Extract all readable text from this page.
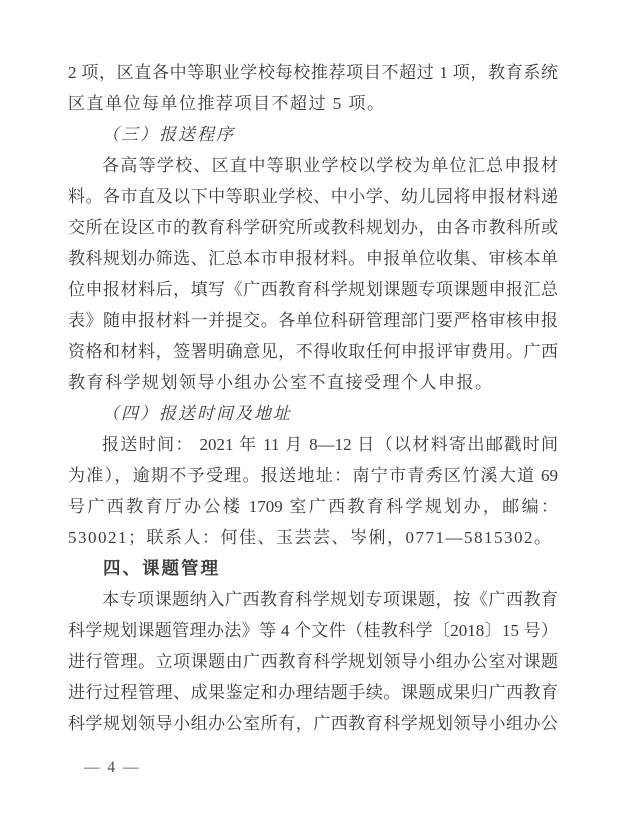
2 项，区直各中等职业学校每校推荐项目不超过 1 项，教育系统
区直单位每单位推荐项目不超过 5 项。
（三）报送程序
各高等学校、区直中等职业学校以学校为单位汇总申报材
料。各市直及以下中等职业学校、中小学、幼儿园将申报材料递
交所在设区市的教育科学研究所或教科规划办，由各市教科所或
教科规划办筛选、汇总本市申报材料。申报单位收集、审核本单
位申报材料后，填写《广西教育科学规划课题专项课题申报汇总
表》随申报材料一并提交。各单位科研管理部门要严格审核申报
资格和材料，签署明确意见，不得收取任何申报评审费用。广西
教育科学规划领导小组办公室不直接受理个人申报。
（四）报送时间及地址
报送时间： 2021 年 11 月 8—12 日（以材料寄出邮戳时间
为准），逾期不予受理。报送地址：南宁市青秀区竹溪大道 69
号广西教育厅办公楼 1709 室广西教育科学规划办，邮编：
530021；联系人：何佳、玉芸芸、岑俐，0771—5815302。
四、课题管理
本专项课题纳入广西教育科学规划专项课题，按《广西教育
科学规划课题管理办法》等 4 个文件（桂教科学〔2018〕15 号）
进行管理。立项课题由广西教育科学规划领导小组办公室对课题
进行过程管理、成果鉴定和办理结题手续。课题成果归广西教育
科学规划领导小组办公室所有，广西教育科学规划领导小组办公
— 4 —
